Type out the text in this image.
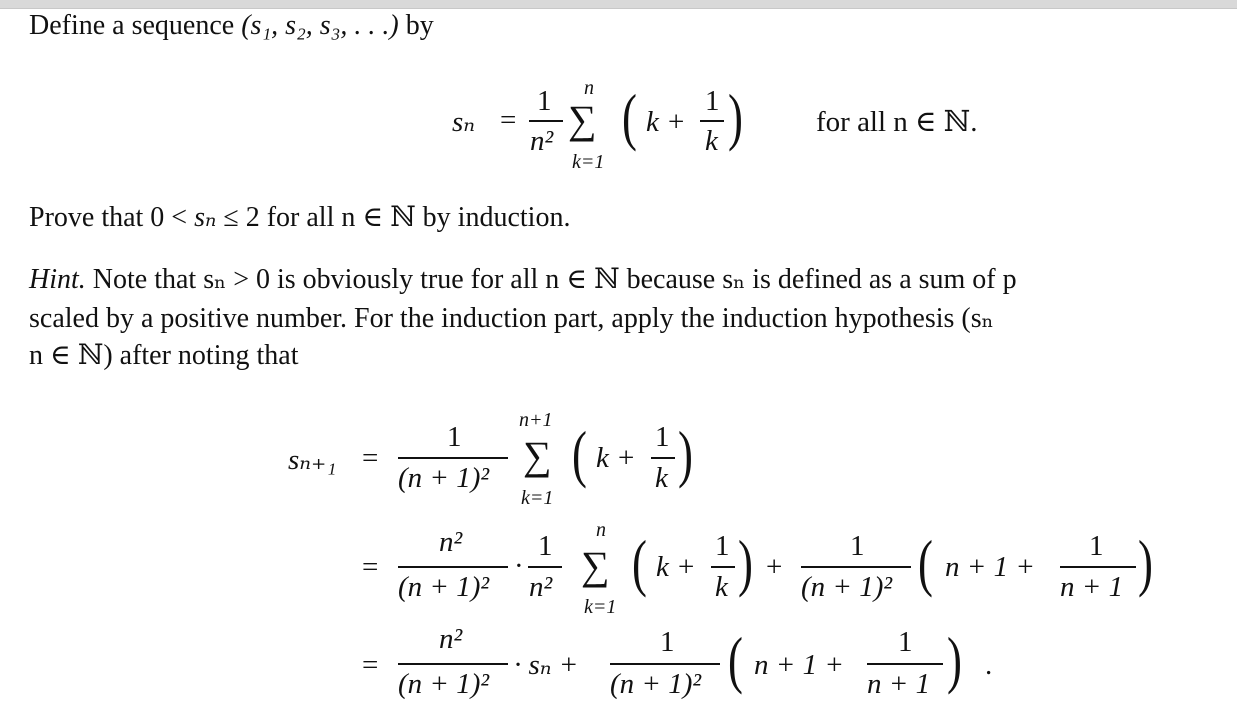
Define a sequence (s₁, s₂, s₃, . . .) by
sₙ =
1
n²
n
∑
k=1
( k +
1
k )	for all n ∈ ℕ.
Prove that 0 < sₙ ≤ 2 for all n ∈ ℕ by induction.
Hint. Note that sₙ > 0 is obviously true for all n ∈ ℕ because sₙ is defined as a sum of p
scaled by a positive number. For the induction part, apply the induction hypothesis (sₙ
n ∈ ℕ) after noting that
sₙ₊₁ =
1
(n + 1)²
n+1
∑
k=1
( k +
1
k )
=
n²
(n + 1)²
·
1
n²
n
∑
k=1
( k +
1
k ) +
1
(n + 1)² ( n + 1 +
1
n + 1 )
=
n²
(n + 1)²
· sₙ +
1
(n + 1)² ( n + 1 +
1
n + 1 ) .
